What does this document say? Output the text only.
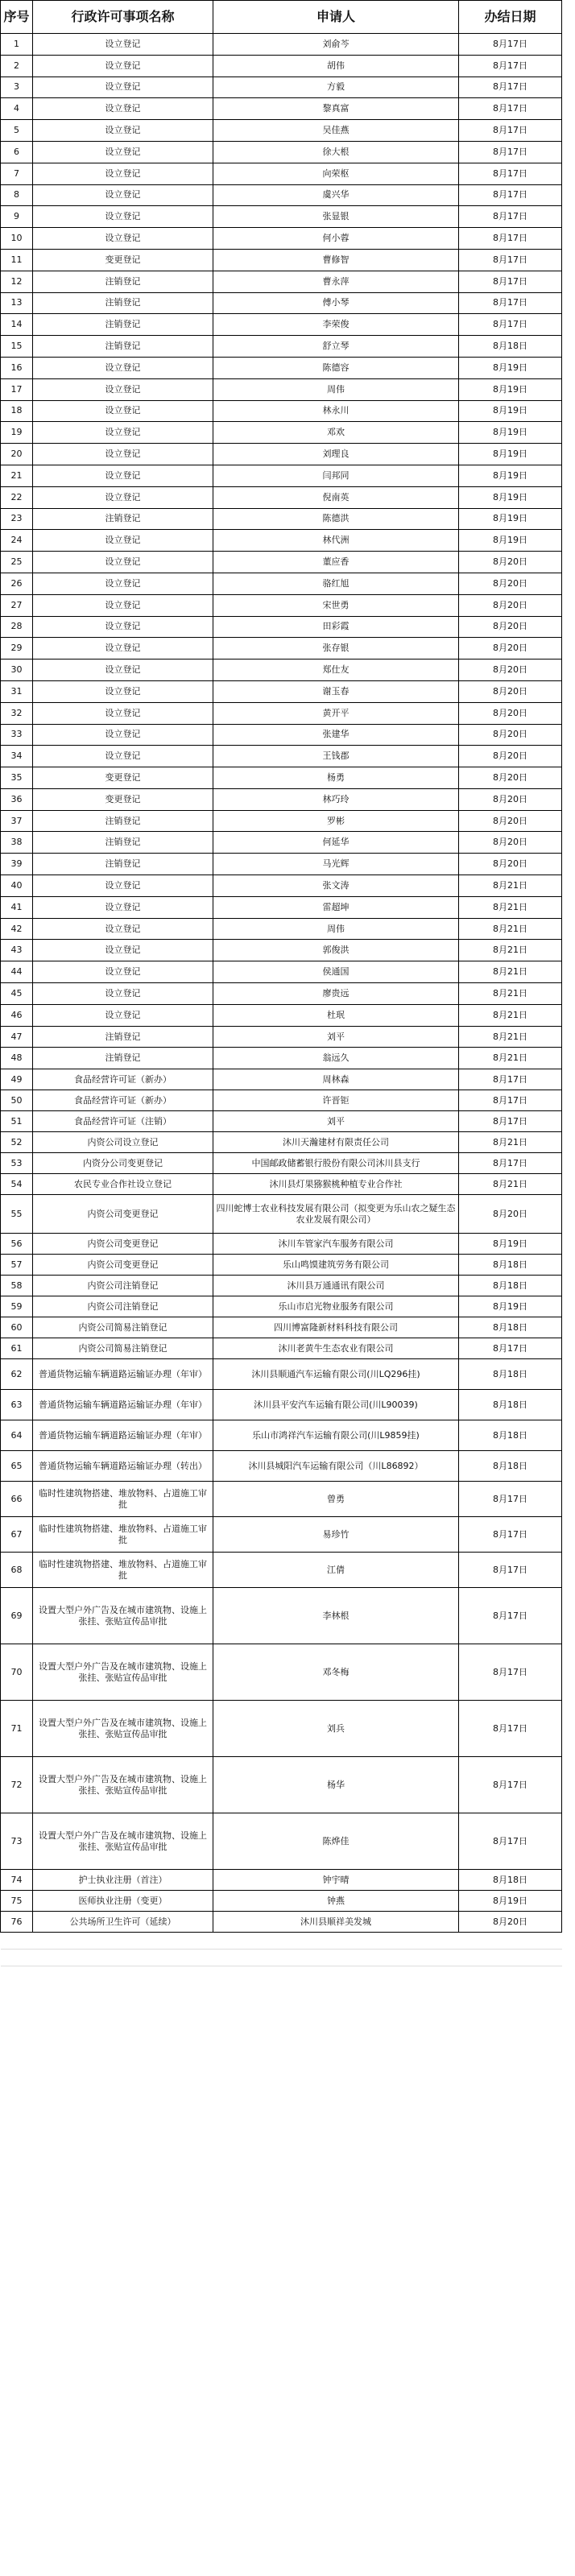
序号	行政许可事项名称	申请人	办结日期
1	设立登记	刘俞芩	8月17日
2	设立登记	胡伟	8月17日
3	设立登记	方毅	8月17日
4	设立登记	黎真富	8月17日
5	设立登记	吴佳燕	8月17日
6	设立登记	徐大根	8月17日
7	设立登记	向荣枢	8月17日
8	设立登记	虞兴华	8月17日
9	设立登记	张显银	8月17日
10	设立登记	何小蓉	8月17日
11	变更登记	曹修智	8月17日
12	注销登记	曹永萍	8月17日
13	注销登记	傅小琴	8月17日
14	注销登记	李荣俊	8月17日
15	注销登记	舒立琴	8月18日
16	设立登记	陈德容	8月19日
17	设立登记	周伟	8月19日
18	设立登记	林永川	8月19日
19	设立登记	邓欢	8月19日
20	设立登记	刘理良	8月19日
21	设立登记	闫邦同	8月19日
22	设立登记	倪南英	8月19日
23	注销登记	陈德洪	8月19日
24	设立登记	林代洲	8月19日
25	设立登记	董应香	8月20日
26	设立登记	骆红旭	8月20日
27	设立登记	宋世勇	8月20日
28	设立登记	田彩霞	8月20日
29	设立登记	张存银	8月20日
30	设立登记	郑仕友	8月20日
31	设立登记	谢玉春	8月20日
32	设立登记	黄开平	8月20日
33	设立登记	张建华	8月20日
34	设立登记	王钱郡	8月20日
35	变更登记	杨勇	8月20日
36	变更登记	林巧玲	8月20日
37	注销登记	罗彬	8月20日
38	注销登记	何延华	8月20日
39	注销登记	马光辉	8月20日
40	设立登记	张文涛	8月21日
41	设立登记	雷超坤	8月21日
42	设立登记	周伟	8月21日
43	设立登记	郭俊洪	8月21日
44	设立登记	侯通国	8月21日
45	设立登记	廖贵远	8月21日
46	设立登记	杜珉	8月21日
47	注销登记	刘平	8月21日
48	注销登记	翁远久	8月21日
49	食品经营许可证（新办）	周林森	8月17日
50	食品经营许可证（新办）	许晋钜	8月17日
51	食品经营许可证（注销）	刘平	8月17日
52	内资公司设立登记	沐川天瀚建材有限责任公司	8月21日
53	内资分公司变更登记	中国邮政储蓄银行股份有限公司沐川县支行	8月17日
54	农民专业合作社设立登记	沐川县灯果猕猴桃种植专业合作社	8月21日
55	内资公司变更登记	四川蛇博士农业科技发展有限公司（拟变更为乐山农之疑生态农业发展有限公司）	8月20日
56	内资公司变更登记	沐川车管家汽车服务有限公司	8月19日
57	内资公司变更登记	乐山鸣馍建筑劳务有限公司	8月18日
58	内资公司注销登记	沐川县万通通讯有限公司	8月18日
59	内资公司注销登记	乐山市启光物业服务有限公司	8月19日
60	内资公司简易注销登记	四川博富隆新材料科技有限公司	8月18日
61	内资公司简易注销登记	沐川老黄牛生态农业有限公司	8月17日
62	普通货物运输车辆道路运输证办理（年审）	沐川县顺通汽车运输有限公司(川LQ296挂)	8月18日
63	普通货物运输车辆道路运输证办理（年审）	沐川县平安汽车运输有限公司(川L90039)	8月18日
64	普通货物运输车辆道路运输证办理（年审）	乐山市鸿祥汽车运输有限公司(川L9859挂)	8月18日
65	普通货物运输车辆道路运输证办理（转出）	沐川县城阳汽车运输有限公司（川L86892）	8月18日
66	临时性建筑物搭建、堆放物料、占道施工审批	曾勇	8月17日
67	临时性建筑物搭建、堆放物料、占道施工审批	易珍竹	8月17日
68	临时性建筑物搭建、堆放物料、占道施工审批	江倩	8月17日
69	设置大型户外广告及在城市建筑物、设施上张挂、张贴宣传品审批	李林根	8月17日
70	设置大型户外广告及在城市建筑物、设施上张挂、张贴宣传品审批	邓冬梅	8月17日
71	设置大型户外广告及在城市建筑物、设施上张挂、张贴宣传品审批	刘兵	8月17日
72	设置大型户外广告及在城市建筑物、设施上张挂、张贴宣传品审批	杨华	8月17日
73	设置大型户外广告及在城市建筑物、设施上张挂、张贴宣传品审批	陈烨佳	8月17日
74	护士执业注册（首注）	钟宇晴	8月18日
75	医师执业注册（变更）	钟燕	8月19日
76	公共场所卫生许可（延续）	沐川县顺祥美发城	8月20日
